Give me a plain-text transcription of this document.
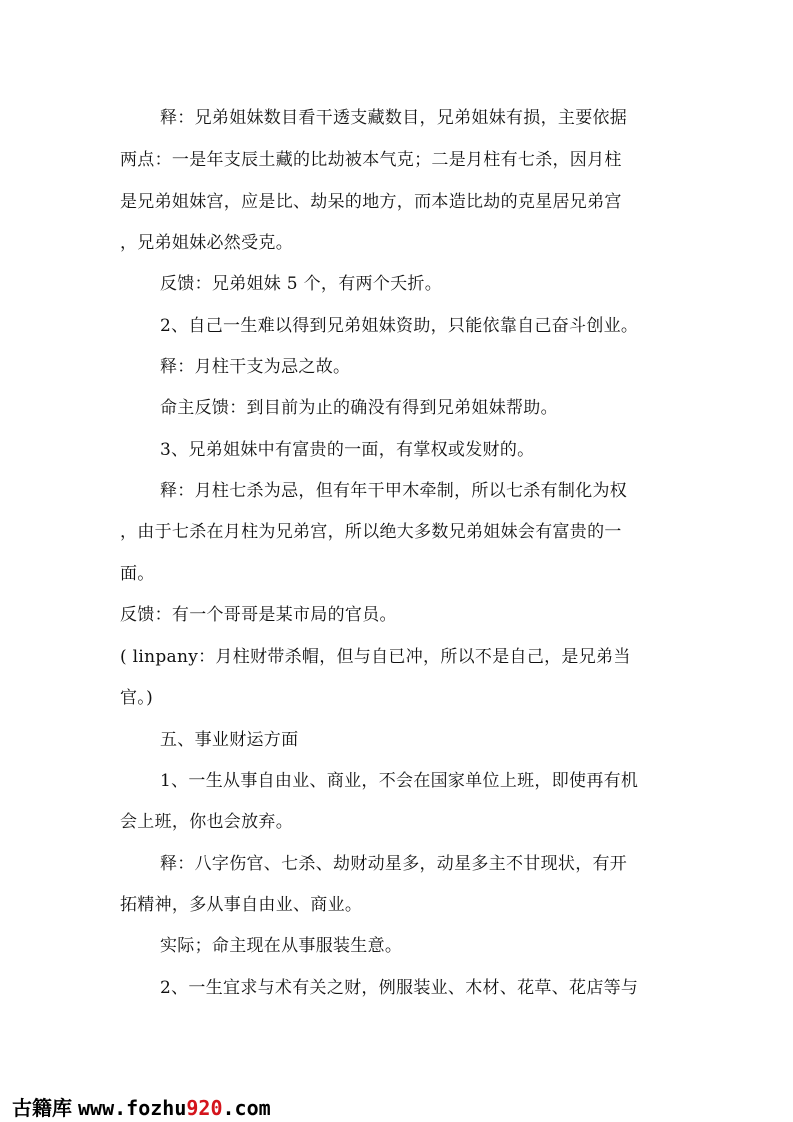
释：兄弟姐妹数目看干透支藏数目，兄弟姐妹有损，主要依据
两点：一是年支辰土藏的比劫被本气克；二是月柱有七杀，因月柱
是兄弟姐妹宫，应是比、劫呆的地方，而本造比劫的克星居兄弟宫
，兄弟姐妹必然受克。
反馈：兄弟姐妹 5 个，有两个夭折。
2、自己一生难以得到兄弟姐妹资助，只能依靠自己奋斗创业。
释：月柱干支为忌之故。
命主反馈：到目前为止的确没有得到兄弟姐妹帮助。
3、兄弟姐妹中有富贵的一面，有掌权或发财的。
释：月柱七杀为忌，但有年干甲木牵制，所以七杀有制化为权
，由于七杀在月柱为兄弟宫，所以绝大多数兄弟姐妹会有富贵的一
面。
反馈：有一个哥哥是某市局的官员。
( linpany：月柱财带杀帽，但与自已冲，所以不是自己，是兄弟当
官。)
五、事业财运方面
1、一生从事自由业、商业，不会在国家单位上班，即使再有机
会上班，你也会放弃。
释：八字伤官、七杀、劫财动星多，动星多主不甘现状，有开
拓精神，多从事自由业、商业。
实际；命主现在从事服装生意。
2、一生宜求与术有关之财，例服装业、木材、花草、花店等与
古籍库 www.fozhu920.com
